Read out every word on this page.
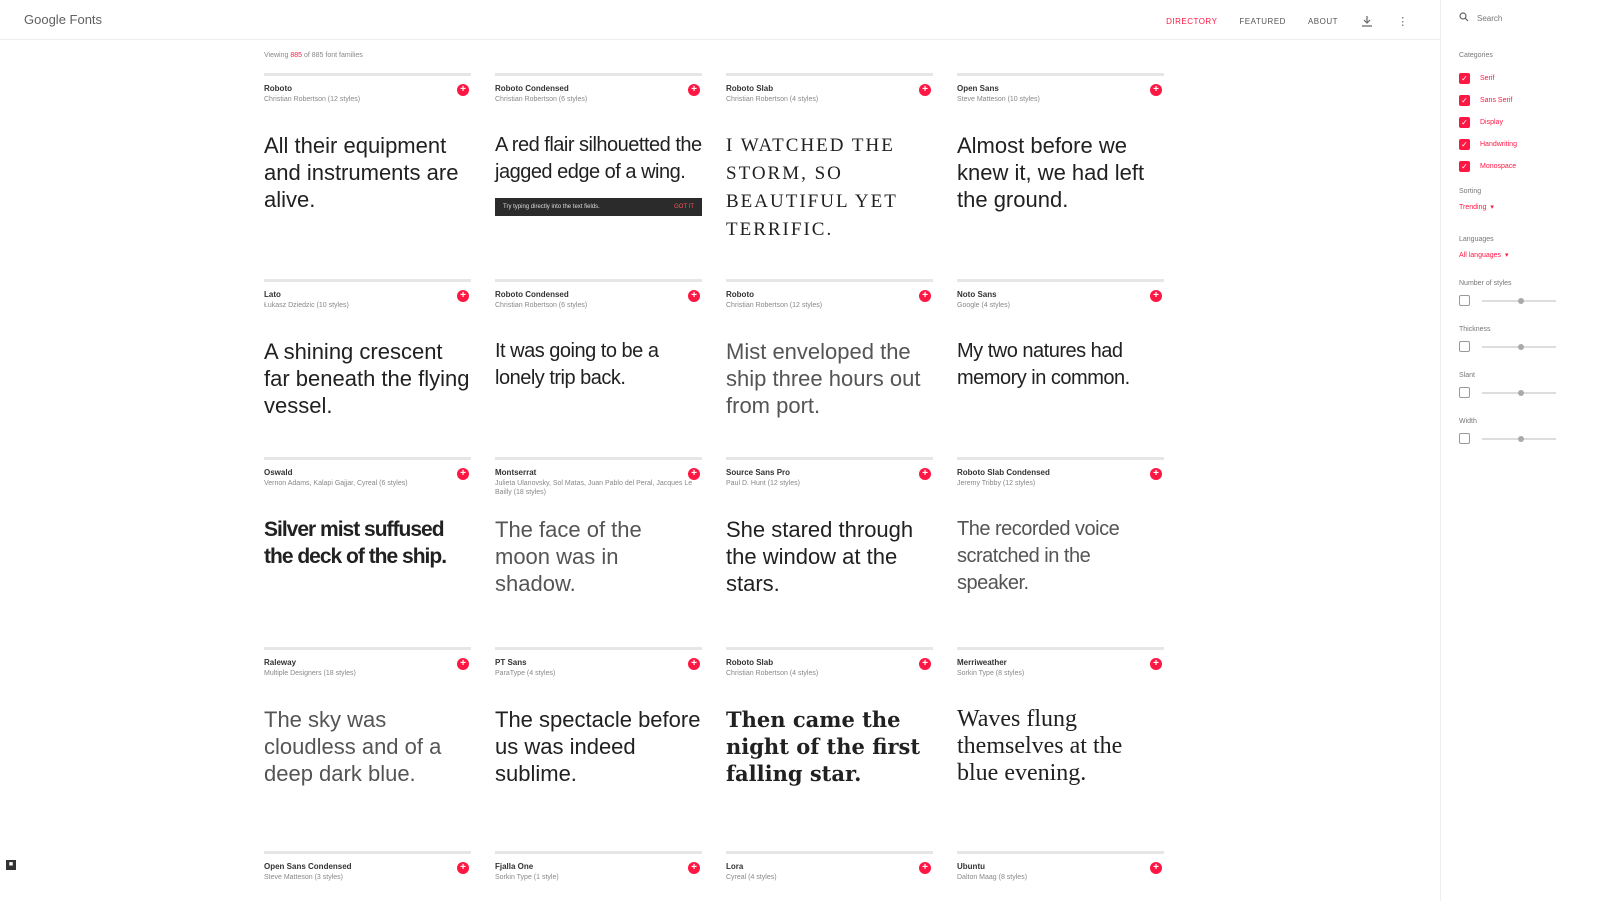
Google Fonts	DIRECTORY	FEATURED	ABOUT	⋮
Viewing 885 of 885 font families
Roboto
Christian Robertson (12 styles)
+
All their equipment and instruments are alive.
Roboto Condensed
Christian Robertson (6 styles)
+
A red flair silhouetted the jagged edge of a wing.
Try typing directly into the text fields.	GOT IT
Roboto Slab
Christian Robertson (4 styles)
+
I WATCHED THE STORM, SO BEAUTIFUL YET TERRIFIC.
Open Sans
Steve Matteson (10 styles)
+
Almost before we knew it, we had left the ground.
Lato
Łukasz Dziedzic (10 styles)
+
A shining crescent far beneath the flying vessel.
Roboto Condensed
Christian Robertson (6 styles)
+
It was going to be a lonely trip back.
Roboto
Christian Robertson (12 styles)
+
Mist enveloped the ship three hours out from port.
Noto Sans
Google (4 styles)
+
My two natures had memory in common.
Oswald
Vernon Adams, Kalapi Gajjar, Cyreal (6 styles)
+
Silver mist suffused the deck of the ship.
Montserrat
Julieta Ulanovsky, Sol Matas, Juan Pablo del Peral, Jacques Le Bailly (18 styles)
+
The face of the moon was in shadow.
Source Sans Pro
Paul D. Hunt (12 styles)
+
She stared through the window at the stars.
Roboto Slab Condensed
Jeremy Tribby (12 styles)
+
The recorded voice scratched in the speaker.
Raleway
Multiple Designers (18 styles)
+
The sky was cloudless and of a deep dark blue.
PT Sans
ParaType (4 styles)
+
The spectacle before us was indeed sublime.
Roboto Slab
Christian Robertson (4 styles)
+
Then came the night of the first falling star.
Merriweather
Sorkin Type (8 styles)
+
Waves flung themselves at the blue evening.
Open Sans Condensed
Steve Matteson (3 styles)
+	Fjalla One
Sorkin Type (1 style)
+	Lora
Cyreal (4 styles)
+	Ubuntu
Dalton Maag (8 styles)
+
Search
Categories
✓	Serif
✓	Sans Serif
✓	Display
✓	Handwriting
✓	Monospace
Sorting
Trending ▾
Languages
All languages ▾
Number of styles
Thickness
Slant
Width
■
